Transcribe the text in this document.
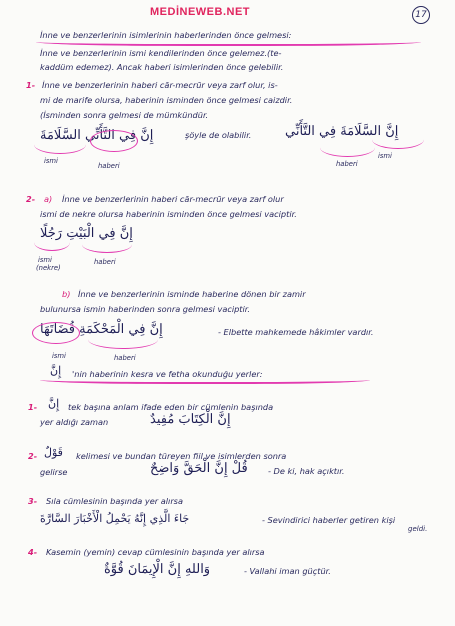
MEDİNEWEB.NET	17
İnne ve benzerlerinin isimlerinin haberlerinden önce gelmesi:
İnne ve benzerlerinin ismi kendilerinden önce gelemez.(te-
kaddüm edemez). Ancak haberi isimlerinden önce gelebilir.
1- İnne ve benzerlerinin haberi cār-mecrūr veya zarf olur, is-
mi de marife olursa, haberinin isminden önce gelmesi caizdir.
(İsminden sonra gelmesi de mümkündür.
إِنَّ فِي التَّأَنِّي السَّلَامَةَ
ismi
haberi
şöyle de olabilir.	إِنَّ السَّلَامَةَ فِي التَّأَنِّي
ismi
haberi
2- a) İnne ve benzerlerinin haberi cār-mecrūr veya zarf olur
ismi de nekre olursa haberinin isminden önce gelmesi vaciptir.
إِنَّ فِي الْبَيْتِ رَجُلًا
ismi
(nekre)
haberi
b) İnne ve benzerlerinin isminde haberine dönen bir zamir
bulunursa ismin haberinden sonra gelmesi vaciptir.
إِنَّ فِي الْمَحْكَمَةِ قُضَاتَهَا	- Elbette mahkemede hâkimler vardır.
ismi	haberi
إِنَّ 'nin haberinin kesra ve fetha okunduğu yerler:
1- إِنَّ tek başına anlam ifade eden bir cümlenin başında
yer aldığı zaman	إِنَّ الْكِتَابَ مُفِيدٌ
2- قَوْلٌ kelimesi ve bundan türeyen fiil ve isimlerden sonra
gelirse	قُلْ إِنَّ الْحَقَّ وَاضِحٌ - De ki, hak açıktır.
3- Sıla cümlesinin başında yer alırsa
جَاءَ الَّذِي إِنَّهُ يَحْمِلُ الْأَخْبَارَ السَّارَّةَ	- Sevindirici haberler getiren kişi
geldi.
4- Kasemin (yemin) cevap cümlesinin başında yer alırsa
وَاللهِ إِنَّ الْإِيمَانَ قُوَّةٌ	- Vallahi iman güçtür.
